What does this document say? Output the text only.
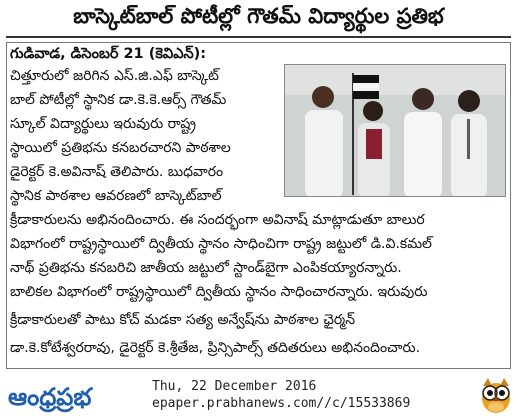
బాస్కెట్‌బాల్ పోటీల్లో గౌతమ్ విద్యార్థుల ప్రతిభ
గుడివాడ, డిసెంబర్ 21 (కెవిఎన్):
చిత్తూరులో జరిగిన ఎస్.జి.ఎఫ్ బాస్కెట్
బాల్ పోటీల్లో స్థానిక డా.కె.కె.ఆర్స్ గౌతమ్
స్కూల్ విద్యార్థులు ఇరువురు రాష్ట్ర
స్థాయిలో ప్రతిభను కనబరచారని పాఠశాల
డైరెక్టర్ కె.అవినాష్ తెలిపారు. బుధవారం
స్థానిక పాఠశాల ఆవరణలో బాస్కెట్‌బాల్
క్రీడాకారులను అభినందించారు. ఈ సందర్భంగా అవినాష్ మాట్లాడుతూ బాలుర
విభాగంలో రాష్ట్రస్థాయిలో ద్వితీయ స్థానం సాధించిగా రాష్ట్ర జట్టులో డి.వి.కమల్
నాథ్ ప్రతిభను కనబరిచి జాతీయ జట్టులో స్టాండ్‌బైగా ఎంపికయ్యారన్నారు.
బాలికల విభాగంలో రాష్ట్రస్థాయిలో ద్వితీయ స్థానం సాధించారన్నారు. ఇరువురు
క్రీడాకారులతో పాటు కోచ్ మడకా సత్య అన్వేష్‌ను పాఠశాల ఛైర్మన్
డా.కె.కోటేశ్వరరావు, డైరెక్టర్ కె.శ్రీతేజ, ప్రిన్సిపాల్స్ తదితరులు అభినందించారు.
ఆంధ్రప్రభ	Thu, 22 December 2016
epaper.prabhanews.com//c/15533869
